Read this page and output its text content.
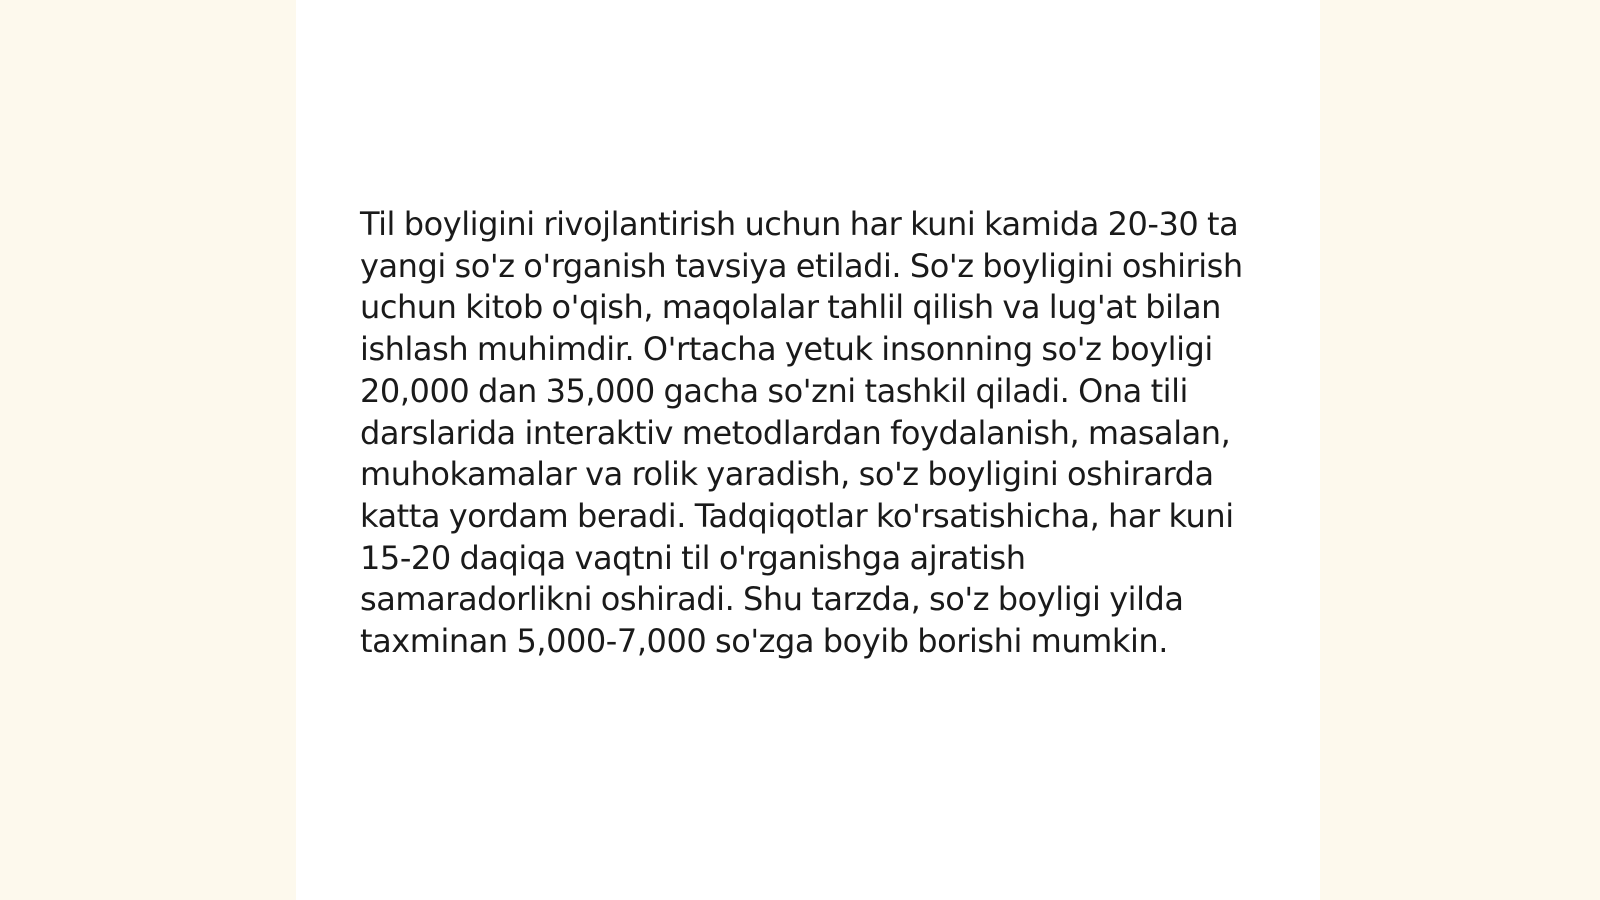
Til boyligini rivojlantirish uchun har kuni kamida 20-30 ta yangi so'z o'rganish tavsiya etiladi. So'z boyligini oshirish uchun kitob o'qish, maqolalar tahlil qilish va lug'at bilan ishlash muhimdir. O'rtacha yetuk insonning so'z boyligi 20,000 dan 35,000 gacha so'zni tashkil qiladi. Ona tili darslarida interaktiv metodlardan foydalanish, masalan, muhokamalar va rolik yaradish, so'z boyligini oshirarda katta yordam beradi. Tadqiqotlar ko'rsatishicha, har kuni 15-20 daqiqa vaqtni til o'rganishga ajratish samaradorlikni oshiradi. Shu tarzda, so'z boyligi yilda taxminan 5,000-7,000 so'zga boyib borishi mumkin.
